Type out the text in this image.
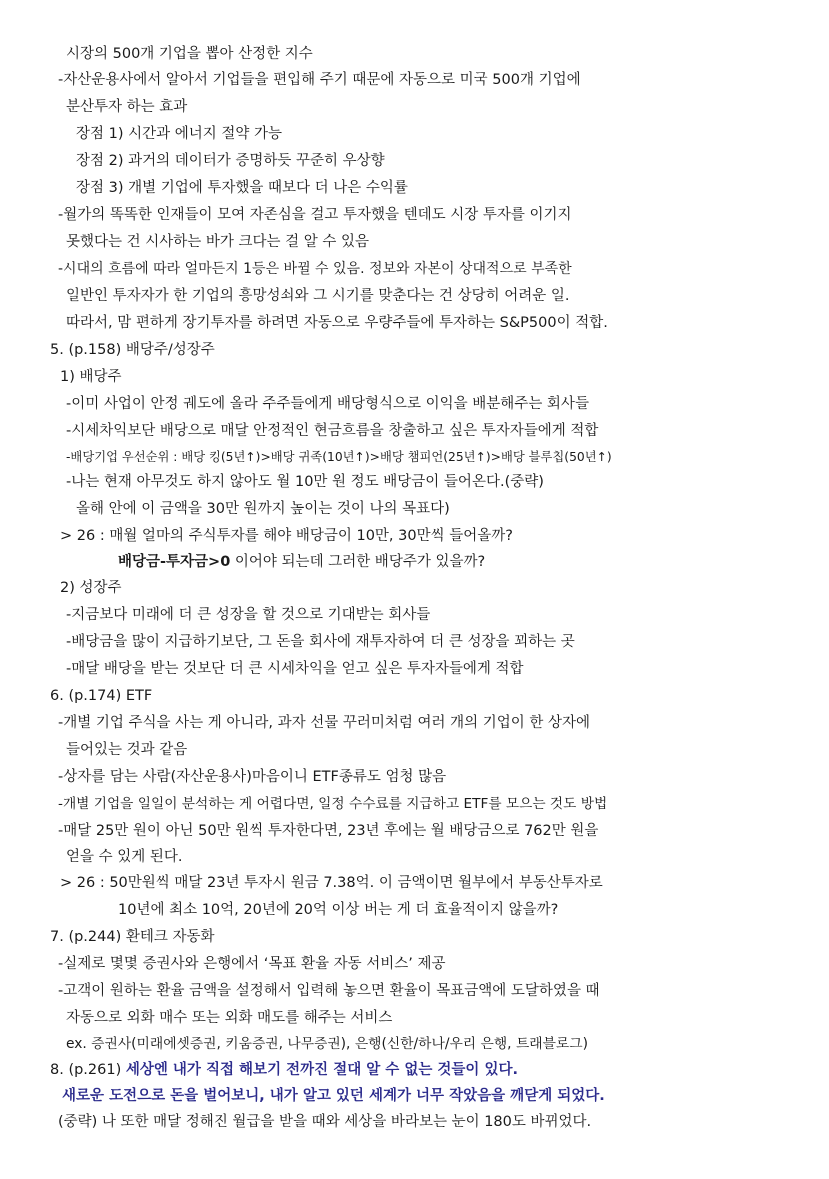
시장의 500개 기업을 뽑아 산정한 지수
-자산운용사에서 알아서 기업들을 편입해 주기 때문에 자동으로 미국 500개 기업에
분산투자 하는 효과
장점 1) 시간과 에너지 절약 가능
장점 2) 과거의 데이터가 증명하듯 꾸준히 우상향
장점 3) 개별 기업에 투자했을 때보다 더 나은 수익률
-월가의 똑똑한 인재들이 모여 자존심을 걸고 투자했을 텐데도 시장 투자를 이기지
못했다는 건 시사하는 바가 크다는 걸 알 수 있음
-시대의 흐름에 따라 얼마든지 1등은 바뀔 수 있음. 정보와 자본이 상대적으로 부족한
일반인 투자자가 한 기업의 흥망성쇠와 그 시기를 맞춘다는 건 상당히 어려운 일.
따라서, 맘 편하게 장기투자를 하려면 자동으로 우량주들에 투자하는 S&P500이 적합.
5. (p.158) 배당주/성장주
1) 배당주
-이미 사업이 안정 궤도에 올라 주주들에게 배당형식으로 이익을 배분해주는 회사들
-시세차익보단 배당으로 매달 안정적인 현금흐름을 창출하고 싶은 투자자들에게 적합
-배당기업 우선순위 : 배당 킹(5년↑)>배당 귀족(10년↑)>배당 챔피언(25년↑)>배당 블루칩(50년↑)
-나는 현재 아무것도 하지 않아도 월 10만 원 정도 배당금이 들어온다.(중략)
올해 안에 이 금액을 30만 원까지 높이는 것이 나의 목표다)
> 26 : 매월 얼마의 주식투자를 해야 배당금이 10만, 30만씩 들어올까?
배당금-투자금>0 이어야 되는데 그러한 배당주가 있을까?
2) 성장주
-지금보다 미래에 더 큰 성장을 할 것으로 기대받는 회사들
-배당금을 많이 지급하기보단, 그 돈을 회사에 재투자하여 더 큰 성장을 꾀하는 곳
-매달 배당을 받는 것보단 더 큰 시세차익을 얻고 싶은 투자자들에게 적합
6. (p.174) ETF
-개별 기업 주식을 사는 게 아니라, 과자 선물 꾸러미처럼 여러 개의 기업이 한 상자에
들어있는 것과 같음
-상자를 담는 사람(자산운용사)마음이니 ETF종류도 엄청 많음
-개별 기업을 일일이 분석하는 게 어렵다면, 일정 수수료를 지급하고 ETF를 모으는 것도 방법
-매달 25만 원이 아닌 50만 원씩 투자한다면, 23년 후에는 월 배당금으로 762만 원을
얻을 수 있게 된다.
> 26 : 50만원씩 매달 23년 투자시 원금 7.38억. 이 금액이면 월부에서 부동산투자로
10년에 최소 10억, 20년에 20억 이상 버는 게 더 효율적이지 않을까?
7. (p.244) 환테크 자동화
-실제로 몇몇 증권사와 은행에서 ‘목표 환율 자동 서비스’ 제공
-고객이 원하는 환율 금액을 설정해서 입력해 놓으면 환율이 목표금액에 도달하였을 때
자동으로 외화 매수 또는 외화 매도를 해주는 서비스
ex. 증권사(미래에셋증권, 키움증권, 나무증권), 은행(신한/하나/우리 은행, 트래블로그)
8. (p.261) 세상엔 내가 직접 해보기 전까진 절대 알 수 없는 것들이 있다.
새로운 도전으로 돈을 벌어보니, 내가 알고 있던 세계가 너무 작았음을 깨닫게 되었다.
(중략) 나 또한 매달 정해진 월급을 받을 때와 세상을 바라보는 눈이 180도 바뀌었다.
